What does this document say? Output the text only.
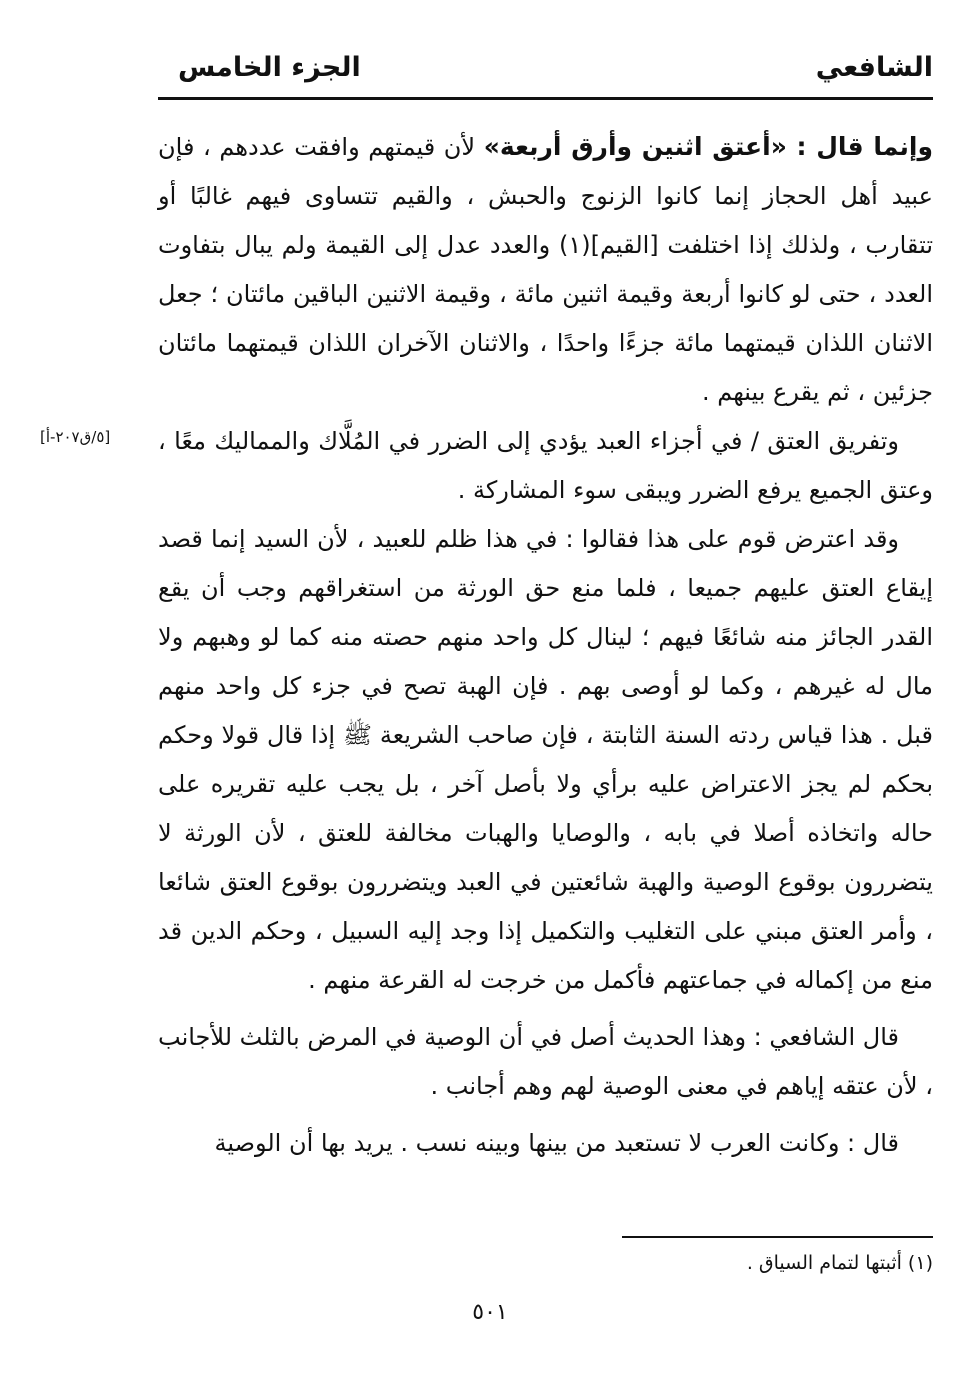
الشافعي
الجزء الخامس
[٥/ق٢٠٧-أ]

وإنما قال : «أعتق اثنين وأرق أربعة» لأن قيمتهم وافقت عددهم ، فإن عبيد أهل الحجاز إنما كانوا الزنوج والحبش ، والقيم تتساوى فيهم غالبًا أو تتقارب ، ولذلك إذا اختلفت [القيم](١) والعدد عدل إلى القيمة ولم يبال بتفاوت العدد ، حتى لو كانوا أربعة وقيمة اثنين مائة ، وقيمة الاثنين الباقين مائتان ؛ جعل الاثنان اللذان قيمتهما مائة جزءًا واحدًا ، والاثنان الآخران اللذان قيمتهما مائتان جزئين ، ثم يقرع بينهم .

وتفريق العتق / في أجزاء العبد يؤدي إلى الضرر في المُلَّاك والمماليك معًا ، وعتق الجميع يرفع الضرر ويبقى سوء المشاركة .

وقد اعترض قوم على هذا فقالوا : في هذا ظلم للعبيد ، لأن السيد إنما قصد إيقاع العتق عليهم جميعا ، فلما منع حق الورثة من استغراقهم وجب أن يقع القدر الجائز منه شائعًا فيهم ؛ لينال كل واحد منهم حصته منه كما لو وهبهم ولا مال له غيرهم ، وكما لو أوصى بهم . فإن الهبة تصح في جزء كل واحد منهم قبل . هذا قياس ردته السنة الثابتة ، فإن صاحب الشريعة ﷺ إذا قال قولا وحكم بحكم لم يجز الاعتراض عليه برأي ولا بأصل آخر ، بل يجب عليه تقريره على حاله واتخاذه أصلا في بابه ، والوصايا والهبات مخالفة للعتق ، لأن الورثة لا يتضررون بوقوع الوصية والهبة شائعتين في العبد ويتضررون بوقوع العتق شائعا ، وأمر العتق مبني على التغليب والتكميل إذا وجد إليه السبيل ، وحكم الدين قد منع من إكماله في جماعتهم فأكمل من خرجت له القرعة منهم .

قال الشافعي : وهذا الحديث أصل في أن الوصية في المرض بالثلث للأجانب ، لأن عتقه إياهم في معنى الوصية لهم وهم أجانب .

قال : وكانت العرب لا تستعبد من بينها وبينه نسب . يريد بها أن الوصية

(١) أثبتها لتمام السياق .
٥٠١
